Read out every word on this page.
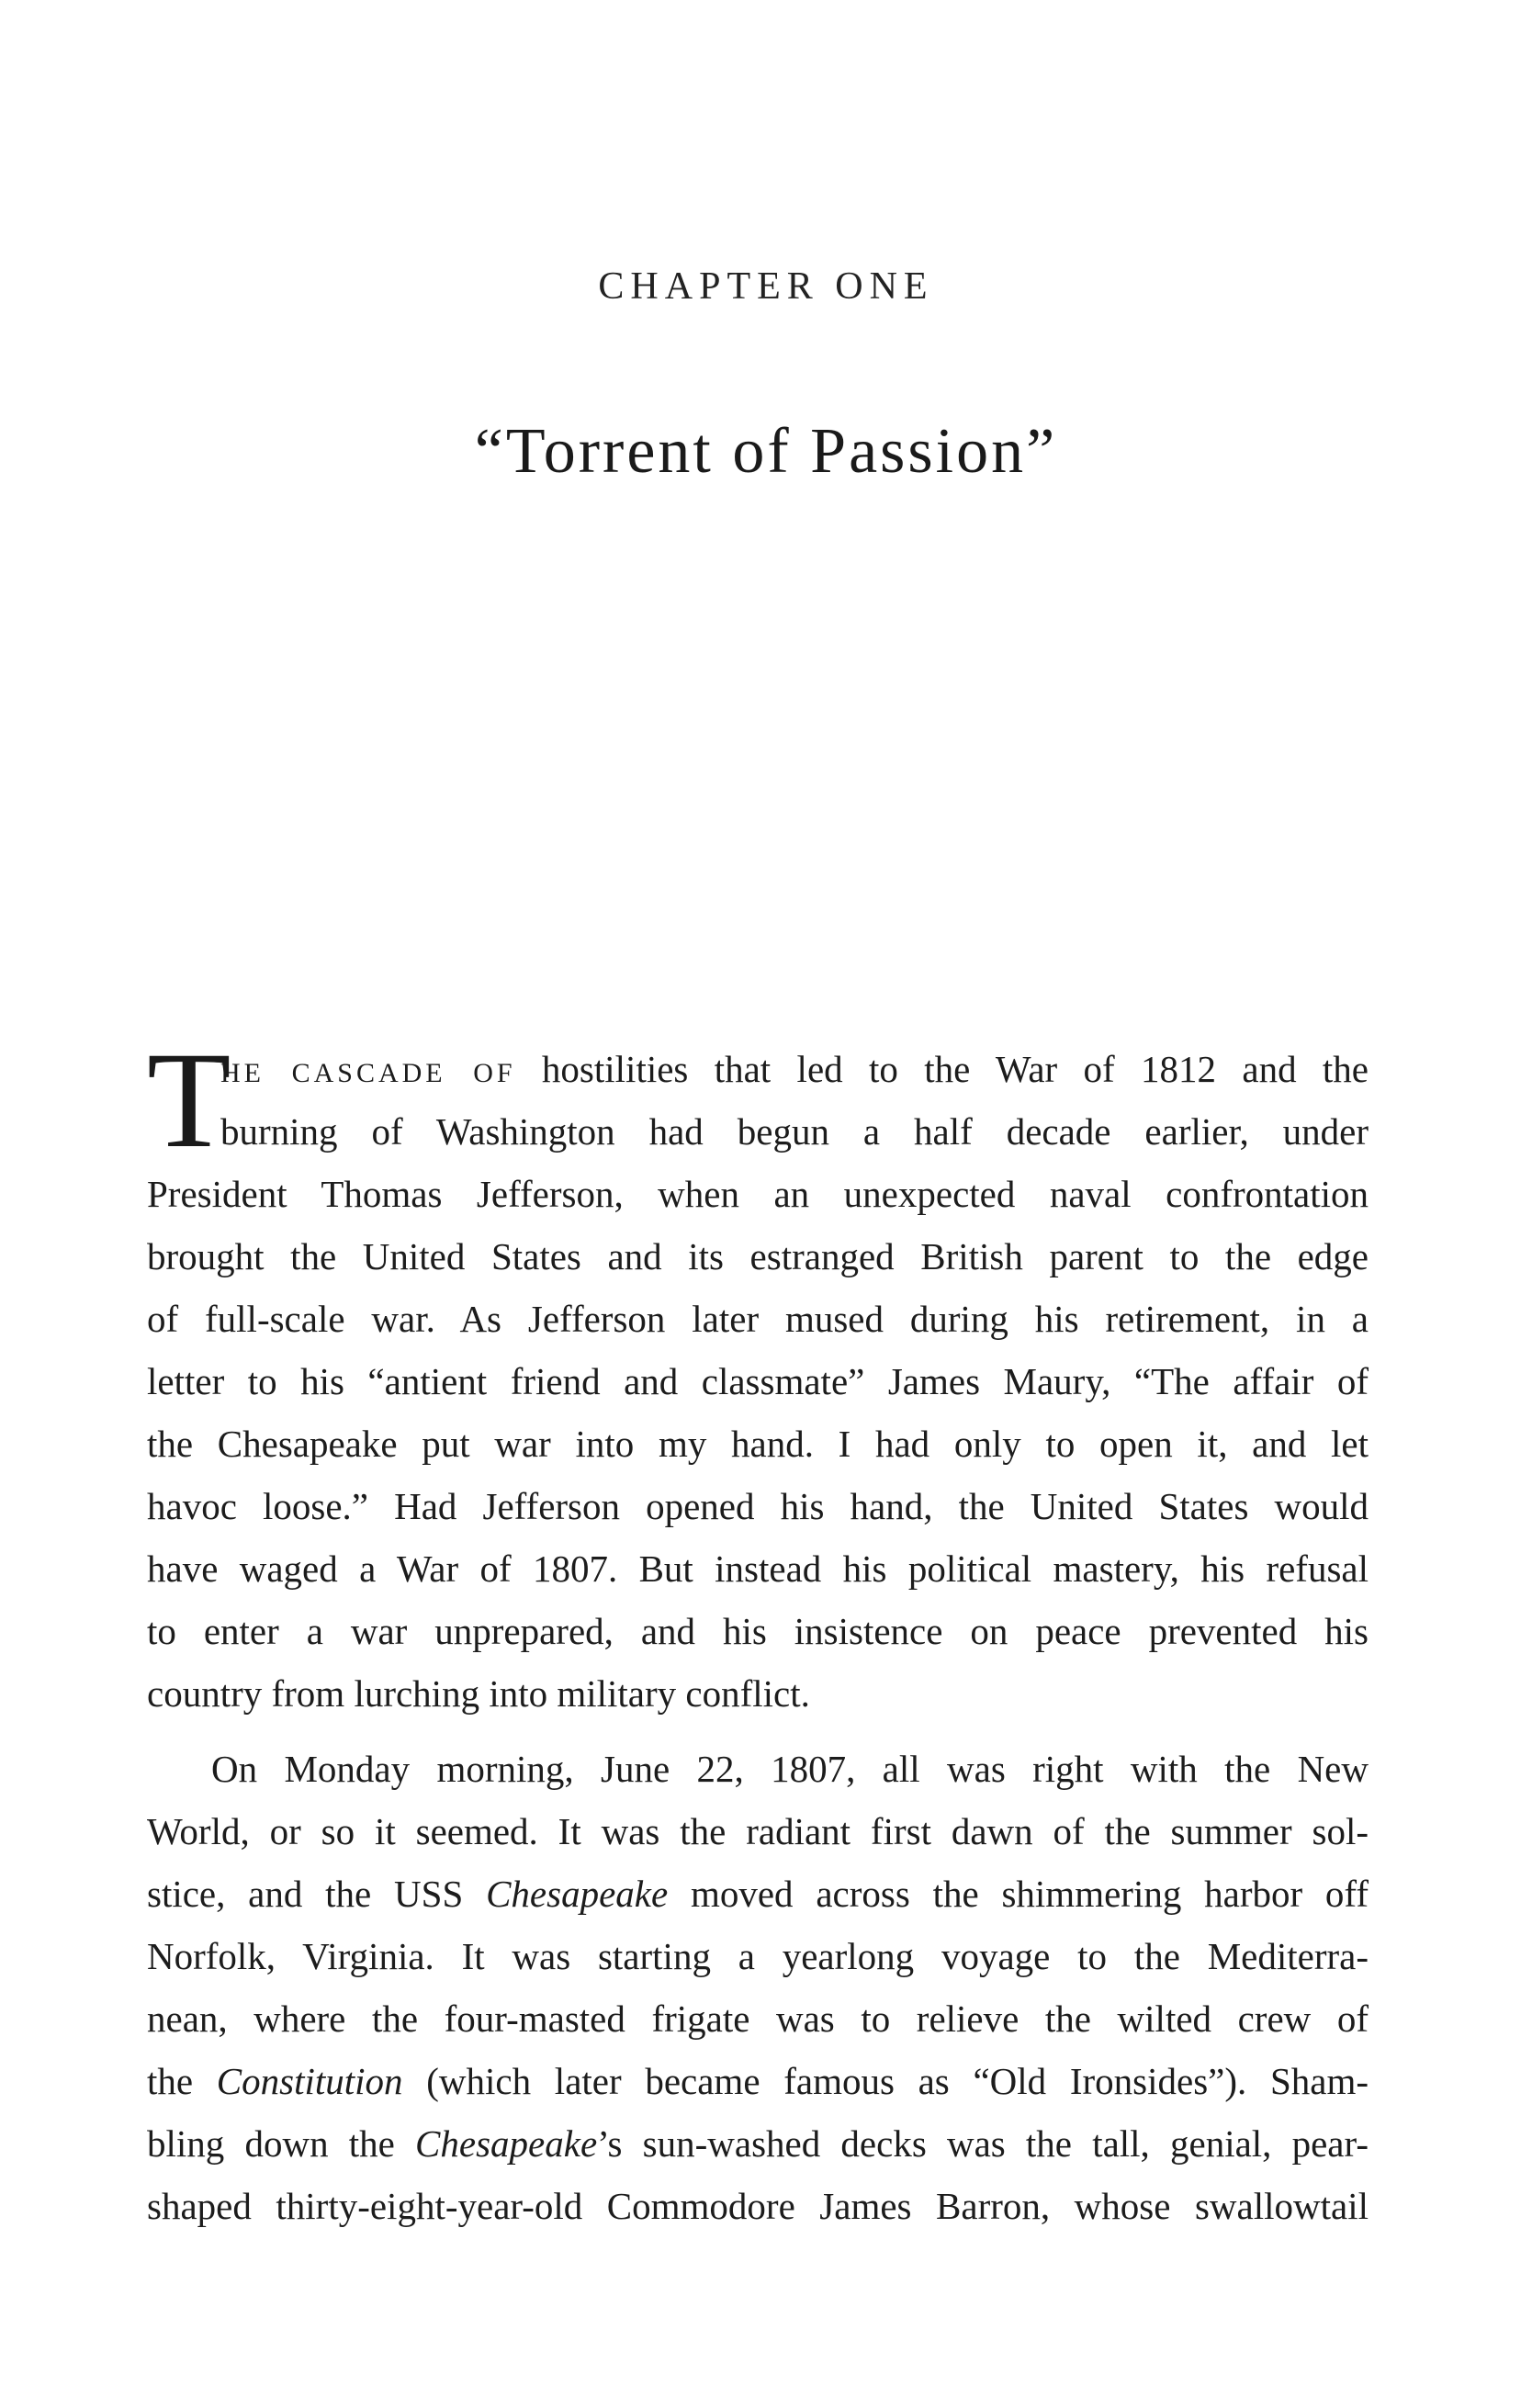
CHAPTER ONE
“Torrent of Passion”
T
HE CASCADE OF hostilities that led to the War of 1812 and the
burning of Washington had begun a half decade earlier, under
President Thomas Jefferson, when an unexpected naval confrontation
brought the United States and its estranged British parent to the edge
of full-scale war. As Jefferson later mused during his retirement, in a
letter to his “antient friend and classmate” James Maury, “The affair of
the Chesapeake put war into my hand. I had only to open it, and let
havoc loose.” Had Jefferson opened his hand, the United States would
have waged a War of 1807. But instead his political mastery, his refusal
to enter a war unprepared, and his insistence on peace prevented his
country from lurching into military conflict.
On Monday morning, June 22, 1807, all was right with the New
World, or so it seemed. It was the radiant first dawn of the summer sol-
stice, and the USS Chesapeake moved across the shimmering harbor off
Norfolk, Virginia. It was starting a yearlong voyage to the Mediterra-
nean, where the four-masted frigate was to relieve the wilted crew of
the Constitution (which later became famous as “Old Ironsides”). Sham-
bling down the Chesapeake’s sun-washed decks was the tall, genial, pear-
shaped thirty-eight-year-old Commodore James Barron, whose swallowtail
